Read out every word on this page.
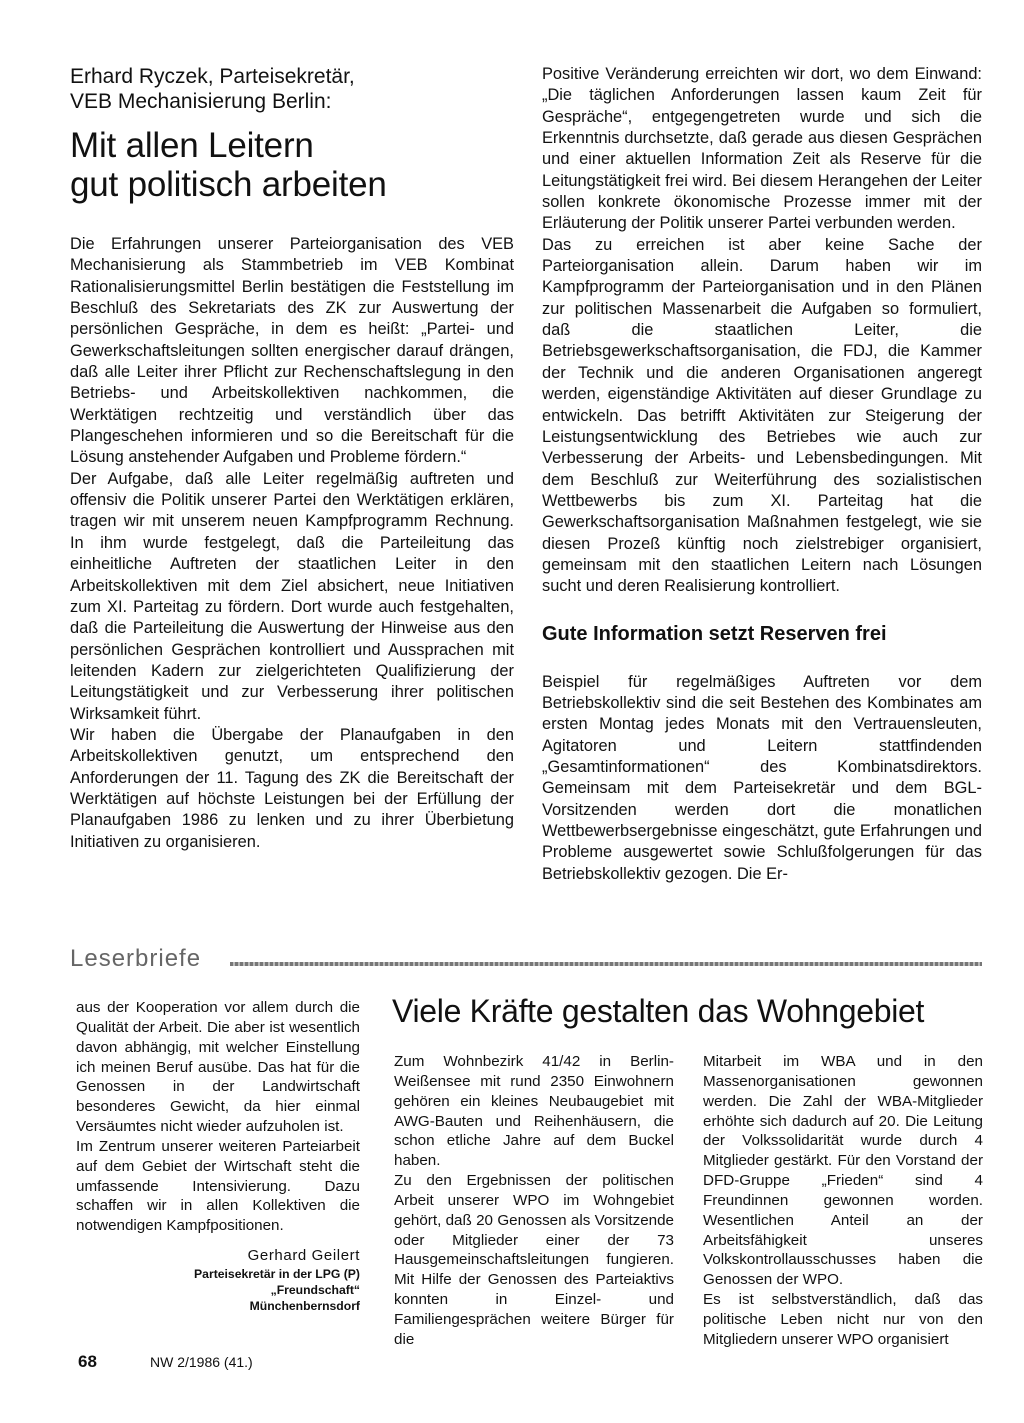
Erhard Ryczek, Parteisekretär,
VEB Mechanisierung Berlin:
Mit allen Leitern
gut politisch arbeiten

Die Erfahrungen unserer Parteiorganisation des VEB Mechanisierung als Stammbetrieb im VEB Kombinat Rationalisierungsmittel Berlin bestätigen die Feststellung im Beschluß des Sekretariats des ZK zur Auswertung der persönlichen Gespräche, in dem es heißt: „Partei- und Gewerkschaftsleitungen sollten energischer darauf drängen, daß alle Leiter ihrer Pflicht zur Rechenschaftslegung in den Betriebs- und Arbeitskollektiven nachkommen, die Werktätigen rechtzeitig und verständlich über das Plangeschehen informieren und so die Bereitschaft für die Lösung anstehender Aufgaben und Probleme fördern.“

Der Aufgabe, daß alle Leiter regelmäßig auftreten und offensiv die Politik unserer Partei den Werktätigen erklären, tragen wir mit unserem neuen Kampfprogramm Rechnung. In ihm wurde festgelegt, daß die Parteileitung das einheitliche Auftreten der staatlichen Leiter in den Arbeitskollektiven mit dem Ziel absichert, neue Initiativen zum XI. Parteitag zu fördern. Dort wurde auch festgehalten, daß die Parteileitung die Auswertung der Hinweise aus den persönlichen Gesprächen kontrolliert und Aussprachen mit leitenden Kadern zur zielgerichteten Qualifizierung der Leitungstätigkeit und zur Verbesserung ihrer politischen Wirksamkeit führt.

Wir haben die Übergabe der Planaufgaben in den Arbeitskollektiven genutzt, um entsprechend den Anforderungen der 11. Tagung des ZK die Bereitschaft der Werktätigen auf höchste Leistungen bei der Erfüllung der Planaufgaben 1986 zu lenken und zu ihrer Überbietung Initiativen zu organisieren.

Positive Veränderung erreichten wir dort, wo dem Einwand: „Die täglichen Anforderungen lassen kaum Zeit für Gespräche“, entgegengetreten wurde und sich die Erkenntnis durchsetzte, daß gerade aus diesen Gesprächen und einer aktuellen Information Zeit als Reserve für die Leitungstätigkeit frei wird. Bei diesem Herangehen der Leiter sollen konkrete ökonomische Prozesse immer mit der Erläuterung der Politik unserer Partei verbunden werden.

Das zu erreichen ist aber keine Sache der Parteiorganisation allein. Darum haben wir im Kampfprogramm der Parteiorganisation und in den Plänen zur politischen Massenarbeit die Aufgaben so formuliert, daß die staatlichen Leiter, die Betriebsgewerkschaftsorganisation, die FDJ, die Kammer der Technik und die anderen Organisationen angeregt werden, eigenständige Aktivitäten auf dieser Grundlage zu entwickeln. Das betrifft Aktivitäten zur Steigerung der Leistungsentwicklung des Betriebes wie auch zur Verbesserung der Arbeits- und Lebensbedingungen. Mit dem Beschluß zur Weiterführung des sozialistischen Wettbewerbs bis zum XI. Parteitag hat die Gewerkschaftsorganisation Maßnahmen festgelegt, wie sie diesen Prozeß künftig noch zielstrebiger organisiert, gemeinsam mit den staatlichen Leitern nach Lösungen sucht und deren Realisierung kontrolliert.

Gute Information setzt Reserven frei

Beispiel für regelmäßiges Auftreten vor dem Betriebskollektiv sind die seit Bestehen des Kombinates am ersten Montag jedes Monats mit den Vertrauensleuten, Agitatoren und Leitern stattfindenden „Gesamtinformationen“ des Kombinatsdirektors. Gemeinsam mit dem Parteisekretär und dem BGL-Vorsitzenden werden dort die monatlichen Wettbewerbsergebnisse eingeschätzt, gute Erfahrungen und Probleme ausgewertet sowie Schlußfolgerungen für das Betriebskollektiv gezogen. Die Er-

Leserbriefe

aus der Kooperation vor allem durch die Qualität der Arbeit. Die aber ist wesentlich davon abhängig, mit welcher Einstellung ich meinen Beruf ausübe. Das hat für die Genossen in der Landwirtschaft besonderes Gewicht, da hier einmal Versäumtes nicht wieder aufzuholen ist.

Im Zentrum unserer weiteren Parteiarbeit auf dem Gebiet der Wirtschaft steht die umfassende Intensivierung. Dazu schaffen wir in allen Kollektiven die notwendigen Kampfpositionen.

Gerhard Geilert
Parteisekretär in der LPG (P)
„Freundschaft“
Münchenbernsdorf
Viele Kräfte gestalten das Wohngebiet

Zum Wohnbezirk 41/42 in Berlin-Weißensee mit rund 2350 Einwohnern gehören ein kleines Neubaugebiet mit AWG-Bauten und Reihenhäusern, die schon etliche Jahre auf dem Buckel haben.

Zu den Ergebnissen der politischen Arbeit unserer WPO im Wohngebiet gehört, daß 20 Genossen als Vorsitzende oder Mitglieder einer der 73 Hausgemeinschaftsleitungen fungieren. Mit Hilfe der Genossen des Parteiaktivs konnten in Einzel- und Familiengesprächen weitere Bürger für die

Mitarbeit im WBA und in den Massenorganisationen gewonnen werden. Die Zahl der WBA-Mitglieder erhöhte sich dadurch auf 20. Die Leitung der Volkssolidarität wurde durch 4 Mitglieder gestärkt. Für den Vorstand der DFD-Gruppe „Frieden“ sind 4 Freundinnen gewonnen worden. Wesentlichen Anteil an der Arbeitsfähigkeit unseres Volkskontrollausschusses haben die Genossen der WPO.

Es ist selbstverständlich, daß das politische Leben nicht nur von den Mitgliedern unserer WPO organisiert

68	NW 2/1986 (41.)
